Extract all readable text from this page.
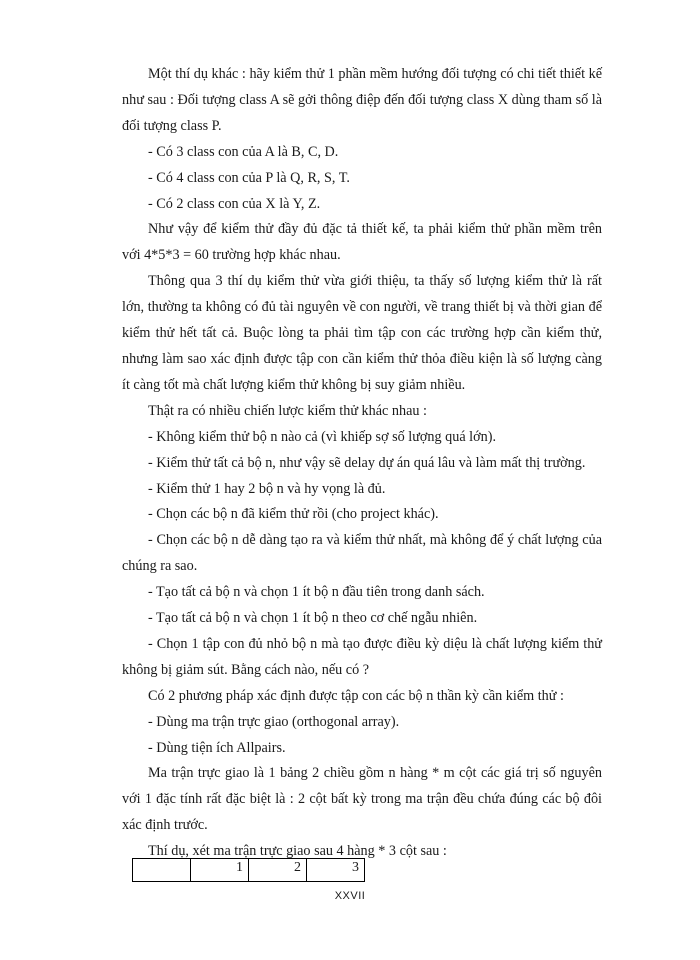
Một thí dụ khác : hãy kiểm thử 1 phần mềm hướng đối tượng có chi tiết thiết kế như sau : Đối tượng class A sẽ gởi thông điệp đến đối tượng class X dùng tham số là đối tượng class P.

- Có 3 class con của A là B, C, D.

- Có 4 class con của P là Q, R, S, T.

- Có 2 class con của X là Y, Z.

Như vậy để kiểm thử đầy đủ đặc tả thiết kế, ta phải kiểm thử phần mềm trên với 4*5*3 = 60 trường hợp khác nhau.

Thông qua 3 thí dụ kiểm thử vừa giới thiệu, ta thấy số lượng kiểm thử là rất lớn, thường ta không có đủ tài nguyên về con người, về trang thiết bị và thời gian để kiểm thử hết tất cả. Buộc lòng ta phải tìm tập con các trường hợp cần kiểm thử, nhưng làm sao xác định được tập con cần kiểm thử thỏa điều kiện là số lượng càng ít càng tốt mà chất lượng kiểm thử không bị suy giảm nhiều.

Thật ra có nhiều chiến lược kiểm thử khác nhau :

- Không kiểm thử bộ n nào cả (vì khiếp sợ số lượng quá lớn).

- Kiểm thử tất cả bộ n, như vậy sẽ delay dự án quá lâu và làm mất thị trường.

- Kiểm thử 1 hay 2 bộ n và hy vọng là đủ.

- Chọn các bộ n đã kiểm thử rồi (cho project khác).

- Chọn các bộ n dễ dàng tạo ra và kiểm thử nhất, mà không để ý chất lượng của chúng ra sao.

- Tạo tất cả bộ n và chọn 1 ít bộ n đầu tiên trong danh sách.

- Tạo tất cả bộ n và chọn 1 ít bộ n theo cơ chế ngẫu nhiên.

- Chọn 1 tập con đủ nhỏ bộ n mà tạo được điều kỳ diệu là chất lượng kiểm thử không bị giảm sút. Bằng cách nào, nếu có ?

Có 2 phương pháp xác định được tập con các bộ n thần kỳ cần kiểm thử :

- Dùng ma trận trực giao (orthogonal array).

- Dùng tiện ích Allpairs.

Ma trận trực giao là 1 bảng 2 chiều gồm n hàng * m cột các giá trị số nguyên với 1 đặc tính rất đặc biệt là : 2 cột bất kỳ trong ma trận đều chứa đúng các bộ đôi xác định trước.

Thí dụ, xét ma trận trực giao sau 4 hàng * 3 cột sau :

	1	2	3
XXVII
